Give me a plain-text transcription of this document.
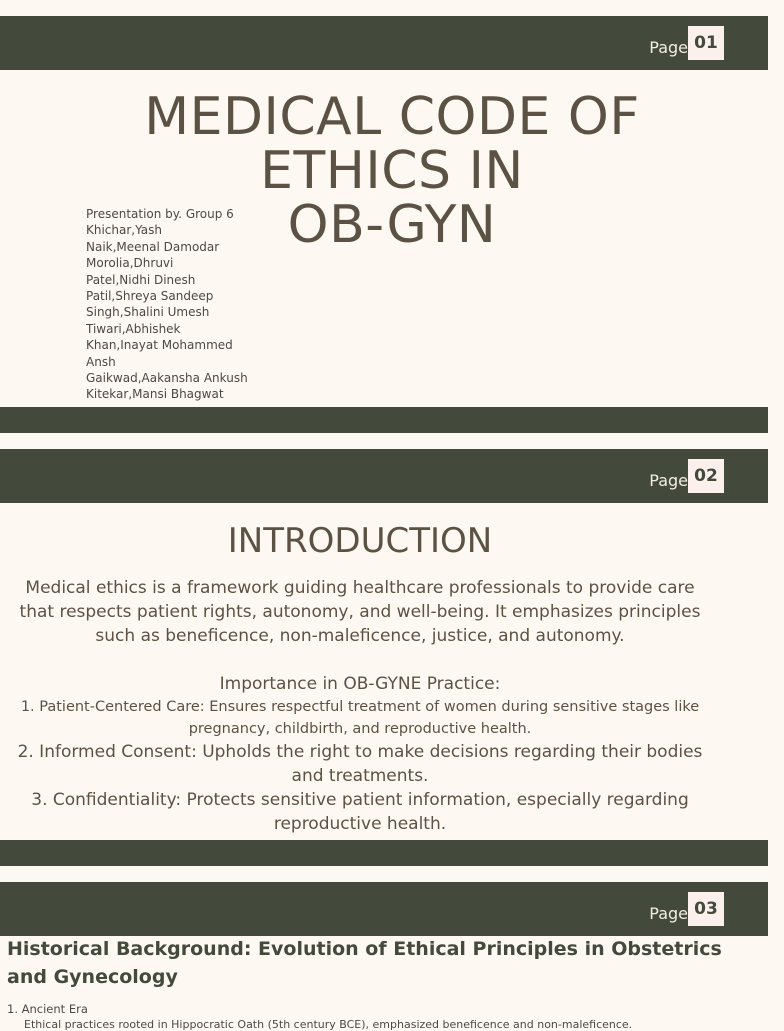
Page 01
MEDICAL CODE OF
ETHICS IN
OB-GYN
Presentation by. Group 6
Khichar,Yash
Naik,Meenal Damodar
Morolia,Dhruvi
Patel,Nidhi Dinesh
Patil,Shreya Sandeep
Singh,Shalini Umesh
Tiwari,Abhishek
Khan,Inayat Mohammed
Ansh
Gaikwad,Aakansha Ankush
Kitekar,Mansi Bhagwat
Page 02
INTRODUCTION

Medical ethics is a framework guiding healthcare professionals to provide care that respects patient rights, autonomy, and well-being. It emphasizes principles such as beneficence, non-maleficence, justice, and autonomy.

Importance in OB-GYNE Practice:

1. Patient-Centered Care: Ensures respectful treatment of women during sensitive stages like pregnancy, childbirth, and reproductive health.

2. Informed Consent: Upholds the right to make decisions regarding their bodies and treatments.

3. Confidentiality: Protects sensitive patient information, especially regarding reproductive health.

Page 03
Historical Background: Evolution of Ethical Principles in Obstetrics and Gynecology
1. Ancient Era
Ethical practices rooted in Hippocratic Oath (5th century BCE), emphasized beneficence and non-maleficence.
